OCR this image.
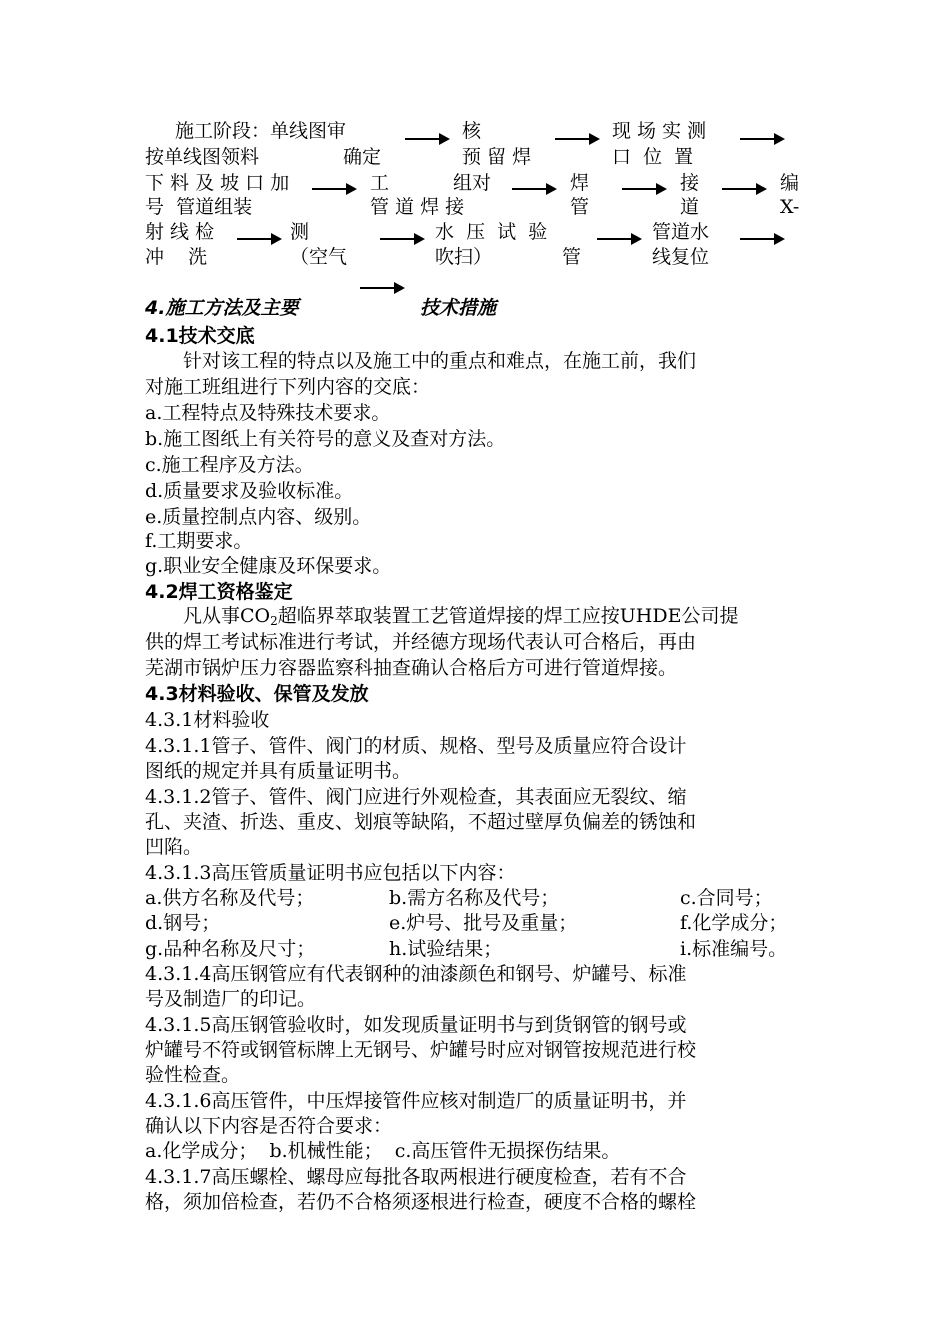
施工阶段：单线图审	核	现 场 实 测
按单线图领料	确定	预 留 焊	口  位  置
下 料 及 坡 口 加	工	组对	焊	接	编
号  管道组装	管 道 焊 接	管	道	X-
射 线 检	测	水  压  试  验	管道水
冲    洗	（空气	吹扫）	管	线复位
4.施工方法及主要	技术措施
4.1技术交底
针对该工程的特点以及施工中的重点和难点，在施工前，我们
对施工班组进行下列内容的交底：
a.工程特点及特殊技术要求。
b.施工图纸上有关符号的意义及查对方法。
c.施工程序及方法。
d.质量要求及验收标准。
e.质量控制点内容、级别。
f.工期要求。
g.职业安全健康及环保要求。
4.2焊工资格鉴定
凡从事$CO_2$超临界萃取装置工艺管道焊接的焊工应按UHDE公司提
供的焊工考试标准进行考试，并经德方现场代表认可合格后，再由
芜湖市锅炉压力容器监察科抽查确认合格后方可进行管道焊接。
4.3材料验收、保管及发放
4.3.1材料验收
4.3.1.1管子、管件、阀门的材质、规格、型号及质量应符合设计
图纸的规定并具有质量证明书。
4.3.1.2管子、管件、阀门应进行外观检查，其表面应无裂纹、缩
孔、夹渣、折迭、重皮、划痕等缺陷，不超过壁厚负偏差的锈蚀和
凹陷。
4.3.1.3高压管质量证明书应包括以下内容：
a.供方名称及代号；	b.需方名称及代号；	c.合同号；
d.钢号；	e.炉号、批号及重量；	f.化学成分；
g.品种名称及尺寸；	h.试验结果；	i.标准编号。
4.3.1.4高压钢管应有代表钢种的油漆颜色和钢号、炉罐号、标准
号及制造厂的印记。
4.3.1.5高压钢管验收时，如发现质量证明书与到货钢管的钢号或
炉罐号不符或钢管标牌上无钢号、炉罐号时应对钢管按规范进行校
验性检查。
4.3.1.6高压管件，中压焊接管件应核对制造厂的质量证明书，并
确认以下内容是否符合要求：
a.化学成分；  b.机械性能；  c.高压管件无损探伤结果。
4.3.1.7高压螺栓、螺母应每批各取两根进行硬度检查，若有不合
格，须加倍检查，若仍不合格须逐根进行检查，硬度不合格的螺栓
